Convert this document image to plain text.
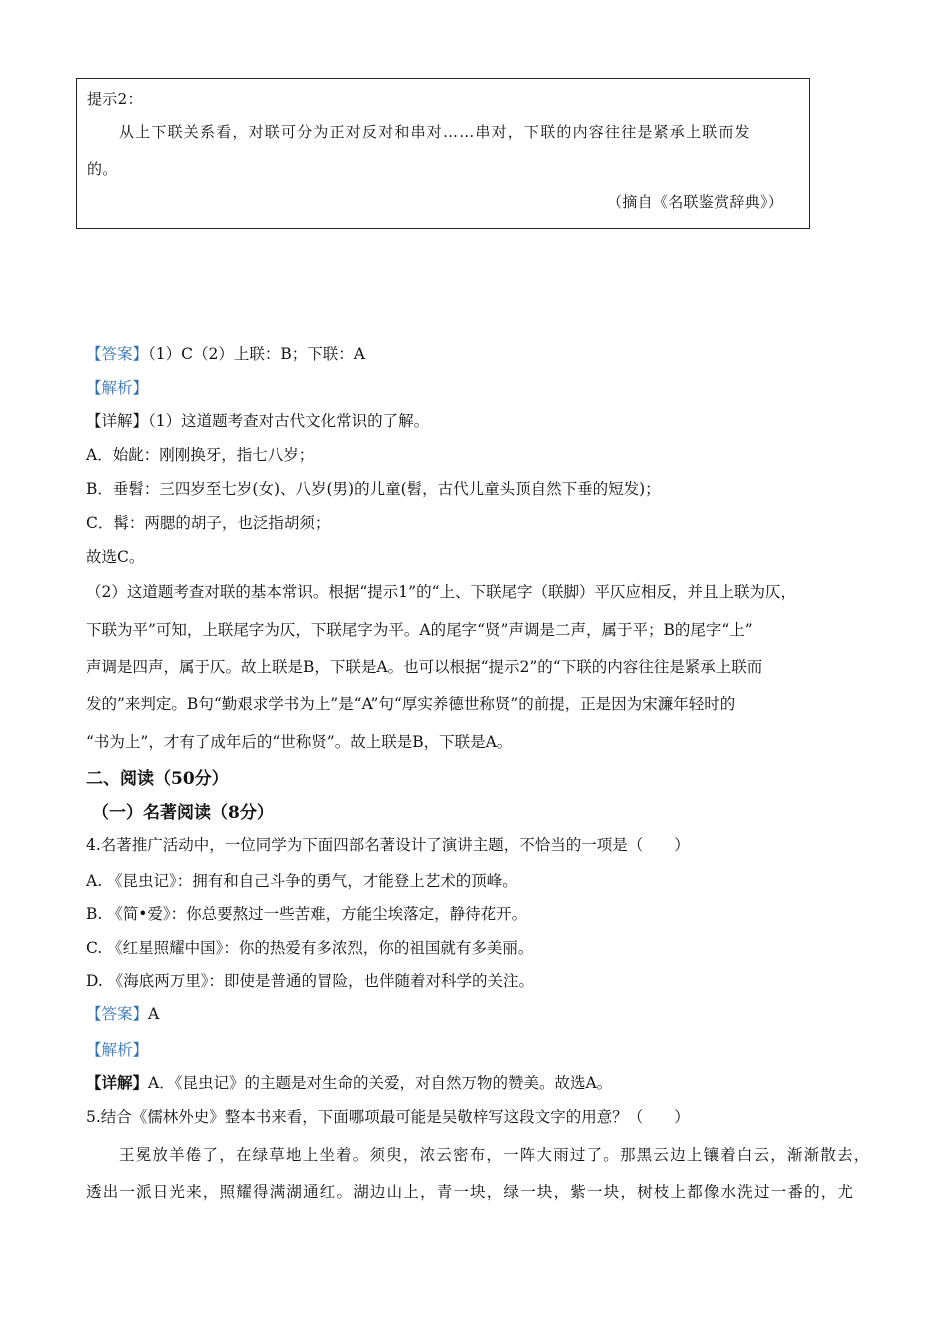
提示2：
从上下联关系看，对联可分为正对反对和串对……串对，下联的内容往往是紧承上联而发
的。
（摘自《名联鉴赏辞典》）
【答案】（1）C（2）上联：B；下联：A
【解析】
【详解】（1）这道题考查对古代文化常识的了解。
A．始龀：刚刚换牙，指七八岁；
B．垂髫：三四岁至七岁(女)、八岁(男)的儿童(髫，古代儿童头顶自然下垂的短发)；
C．髯：两腮的胡子，也泛指胡须；
故选C。
（2）这道题考查对联的基本常识。根据“提示1”的“上、下联尾字（联脚）平仄应相反，并且上联为仄，
下联为平”可知，上联尾字为仄，下联尾字为平。A的尾字“贤”声调是二声，属于平；B的尾字“上”
声调是四声，属于仄。故上联是B，下联是A。也可以根据“提示2”的“下联的内容往往是紧承上联而
发的”来判定。B句“勤艰求学书为上”是“A”句“厚实养德世称贤”的前提，正是因为宋濂年轻时的
“书为上”，才有了成年后的“世称贤”。故上联是B，下联是A。
二、阅读（50分）
（一）名著阅读（8分）
4.名著推广活动中，一位同学为下面四部名著设计了演讲主题，不恰当的一项是（　　）
A. 《昆虫记》：拥有和自己斗争的勇气，才能登上艺术的顶峰。
B. 《简•爱》：你总要熬过一些苦难，方能尘埃落定，静待花开。
C. 《红星照耀中国》：你的热爱有多浓烈，你的祖国就有多美丽。
D. 《海底两万里》：即使是普通的冒险，也伴随着对科学的关注。
【答案】A
【解析】
【详解】A．《昆虫记》的主题是对生命的关爱，对自然万物的赞美。故选A。
5.结合《儒林外史》整本书来看，下面哪项最可能是吴敬梓写这段文字的用意？（　　）
王冕放羊倦了，在绿草地上坐着。须臾，浓云密布，一阵大雨过了。那黑云边上镶着白云，渐渐散去，
透出一派日光来，照耀得满湖通红。湖边山上，青一块，绿一块，紫一块，树枝上都像水洗过一番的，尤
